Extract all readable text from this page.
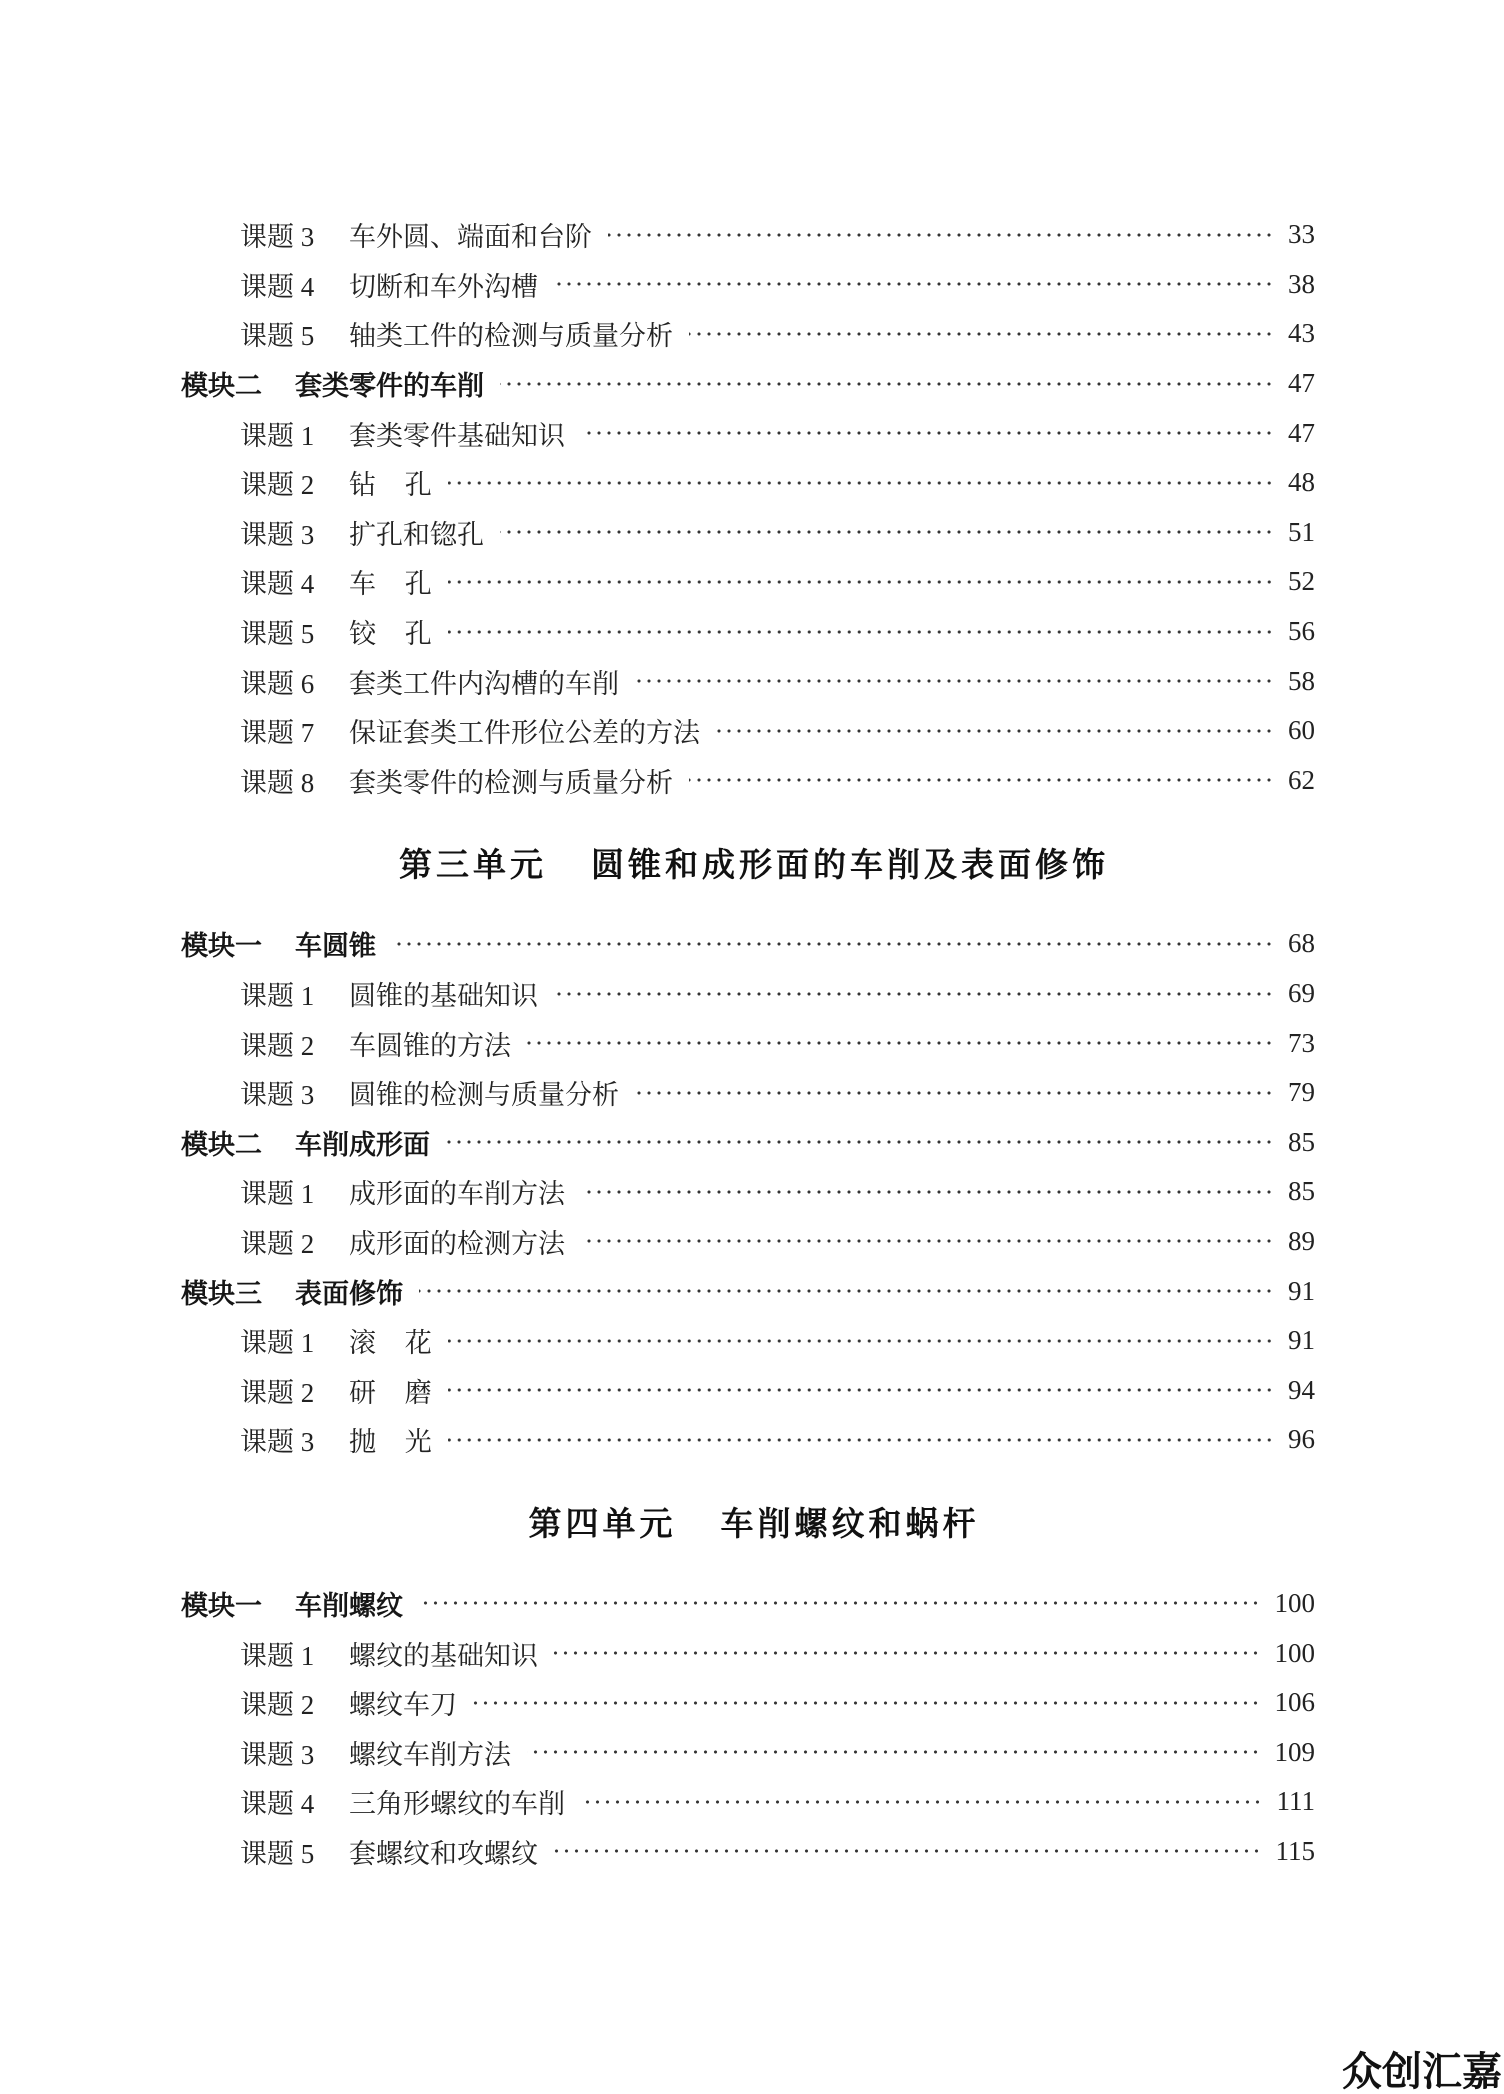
课题 3	车外圆、端面和台阶	33
课题 4	切断和车外沟槽	38
课题 5	轴类工件的检测与质量分析	43
模块二	套类零件的车削	47
课题 1	套类零件基础知识	47
课题 2	钻 孔	48
课题 3	扩孔和锪孔	51
课题 4	车 孔	52
课题 5	铰 孔	56
课题 6	套类工件内沟槽的车削	58
课题 7	保证套类工件形位公差的方法	60
课题 8	套类零件的检测与质量分析	62
第三单元 圆锥和成形面的车削及表面修饰
模块一	车圆锥	68
课题 1	圆锥的基础知识	69
课题 2	车圆锥的方法	73
课题 3	圆锥的检测与质量分析	79
模块二	车削成形面	85
课题 1	成形面的车削方法	85
课题 2	成形面的检测方法	89
模块三	表面修饰	91
课题 1	滚 花	91
课题 2	研 磨	94
课题 3	抛 光	96
第四单元 车削螺纹和蜗杆
模块一	车削螺纹	100
课题 1	螺纹的基础知识	100
课题 2	螺纹车刀	106
课题 3	螺纹车削方法	109
课题 4	三角形螺纹的车削	111
课题 5	套螺纹和攻螺纹	115
众创汇嘉
